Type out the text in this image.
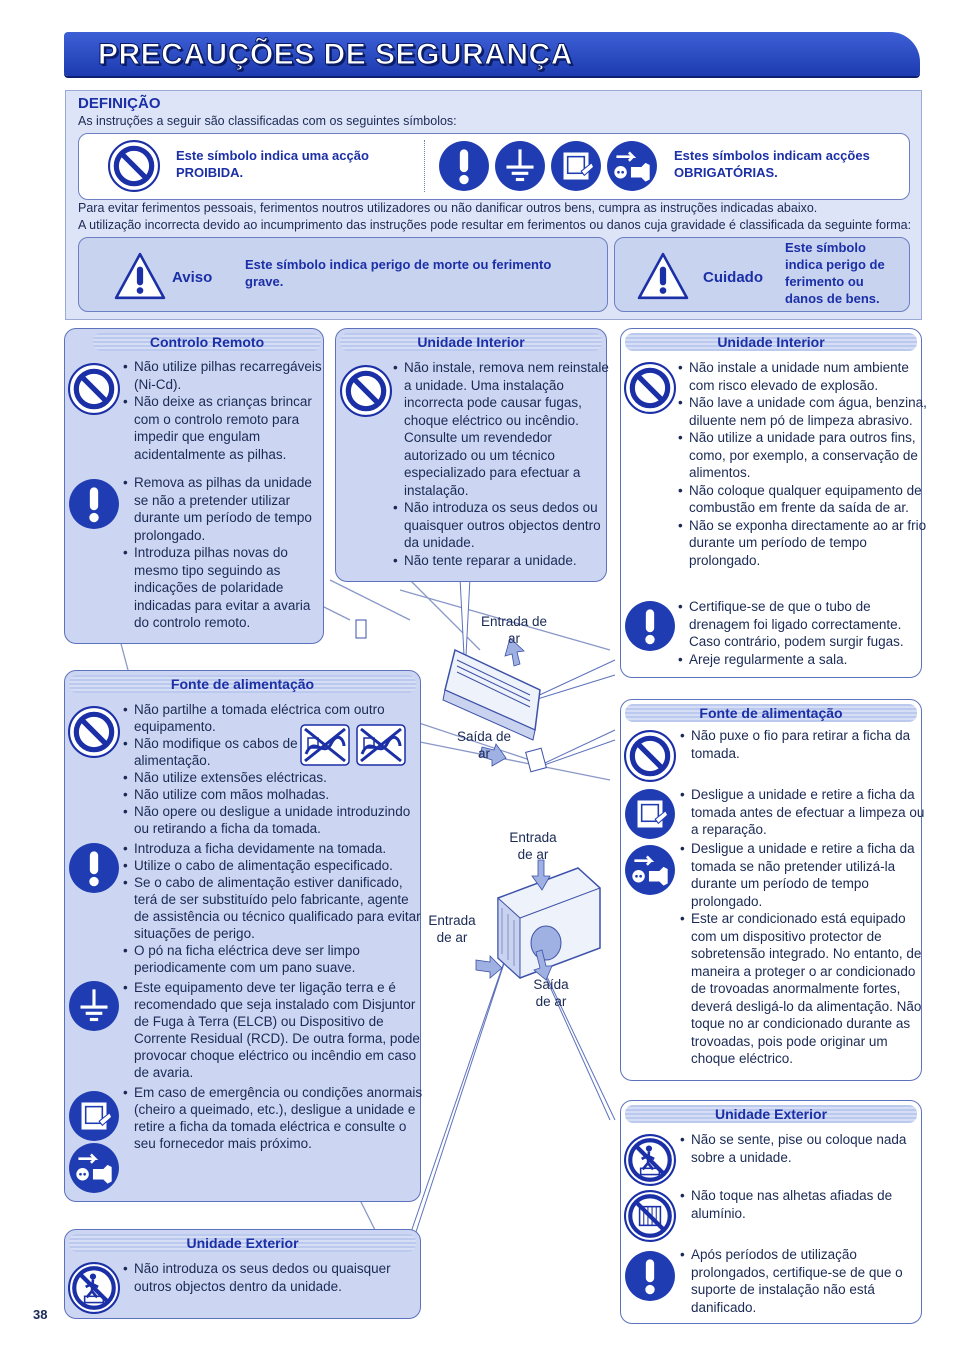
PRECAUÇÕES DE SEGURANÇA
DEFINIÇÃO
As instruções a seguir são classificadas com os seguintes símbolos:
Este símbolo indica uma acção PROIBIDA.
Estes símbolos indicam acções OBRIGATÓRIAS.
Para evitar ferimentos pessoais, ferimentos noutros utilizadores ou não danificar outros bens, cumpra as instruções indicadas abaixo.
A utilização incorrecta devido ao incumprimento das instruções pode resultar em ferimentos ou danos cuja gravidade é classificada da seguinte forma:
Aviso
Este símbolo indica perigo de morte ou ferimento grave.	Cuidado
Este símbolo indica perigo de ferimento ou danos de bens.
Entrada de ar
Saída de ar
Entrada de ar
Entrada de ar
Saída de ar
Controlo Remoto
• Não utilize pilhas recarregáveis (Ni-Cd).
• Não deixe as crianças brincar com o controlo remoto para impedir que engulam acidentalmente as pilhas.
• Remova as pilhas da unidade se não a pretender utilizar durante um período de tempo prolongado.
• Introduza pilhas novas do mesmo tipo seguindo as indicações de polaridade indicadas para evitar a avaria do controlo remoto.
Unidade Interior
• Não instale, remova nem reinstale a unidade. Uma instalação incorrecta pode causar fugas, choque eléctrico ou incêndio. Consulte um revendedor autorizado ou um técnico especializado para efectuar a instalação.
• Não introduza os seus dedos ou quaisquer outros objectos dentro da unidade.
• Não tente reparar a unidade.
Unidade Interior
• Não instale a unidade num ambiente com risco elevado de explosão.
• Não lave a unidade com água, benzina, diluente nem pó de limpeza abrasivo.
• Não utilize a unidade para outros fins, como, por exemplo, a conservação de alimentos.
• Não coloque qualquer equipamento de combustão em frente da saída de ar.
• Não se exponha directamente ao ar frio durante um período de tempo prolongado.
• Certifique-se de que o tubo de drenagem foi ligado correctamente. Caso contrário, podem surgir fugas.
• Areje regularmente a sala.
Fonte de alimentação
• Não partilhe a tomada eléctrica com outro equipamento.
• Não modifique os cabos de alimentação.
• Não utilize extensões eléctricas.
• Não utilize com mãos molhadas.
• Não opere ou desligue a unidade introduzindo ou retirando a ficha da tomada.
• Introduza a ficha devidamente na tomada.
• Utilize o cabo de alimentação especificado.
• Se o cabo de alimentação estiver danificado, terá de ser substituído pelo fabricante, agente de assistência ou técnico qualificado para evitar situações de perigo.
• O pó na ficha eléctrica deve ser limpo periodicamente com um pano suave.
• Este equipamento deve ter ligação terra e é recomendado que seja instalado com Disjuntor de Fuga à Terra (ELCB) ou Dispositivo de Corrente Residual (RCD). De outra forma, pode provocar choque eléctrico ou incêndio em caso de avaria.
• Em caso de emergência ou condições anormais (cheiro a queimado, etc.), desligue a unidade e retire a ficha da tomada eléctrica e consulte o seu fornecedor mais próximo.
Unidade Exterior
• Não introduza os seus dedos ou quaisquer outros objectos dentro da unidade.
Fonte de alimentação
• Não puxe o fio para retirar a ficha da tomada.
• Desligue a unidade e retire a ficha da tomada antes de efectuar a limpeza ou a reparação.
• Desligue a unidade e retire a ficha da tomada se não pretender utilizá-la durante um período de tempo prolongado.
• Este ar condicionado está equipado com um dispositivo protector de sobretensão integrado. No entanto, de maneira a proteger o ar condicionado de trovoadas anormalmente fortes, deverá desligá-lo da alimentação. Não toque no ar condicionado durante as trovoadas, pois pode originar um choque eléctrico.
Unidade Exterior
• Não se sente, pise ou coloque nada sobre a unidade.
• Não toque nas alhetas afiadas de alumínio.
• Após períodos de utilização prolongados, certifique-se de que o suporte de instalação não está danificado.
38
